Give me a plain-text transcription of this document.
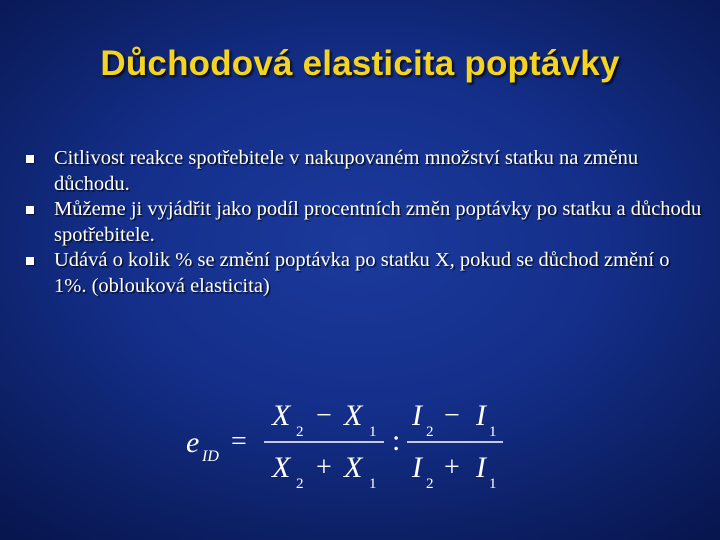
Důchodová elasticita poptávky
Citlivost reakce spotřebitele v nakupovaném množství statku na změnu důchodu.
Můžeme ji vyjádřit jako podíl procentních změn poptávky po statku a důchodu spotřebitele.
Udává o kolik % se změní poptávka po statku X, pokud se důchod změní o 1%. (oblouková elasticita)
e ID =
X 2
− X 1
X 2
+ X 1
:
I 2
− I 1
I 2
+ I 1
